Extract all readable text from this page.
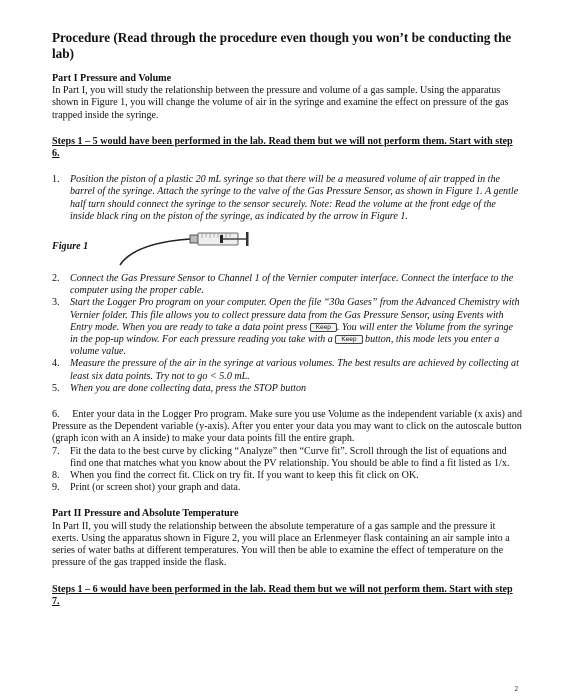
Procedure (Read through the procedure even though you won’t be conducting the lab)

Part I Pressure and Volume

In Part I, you will study the relationship between the pressure and volume of a gas sample. Using the apparatus shown in Figure 1, you will change the volume of air in the syringe and examine the effect on pressure of the gas trapped inside the syringe.

Steps 1 – 5 would have been performed in the lab. Read them but we will not perform them. Start with step 6.

1.	Position the piston of a plastic 20 mL syringe so that there will be a measured volume of air trapped in the barrel of the syringe. Attach the syringe to the valve of the Gas Pressure Sensor, as shown in Figure 1. A gentle half turn should connect the syringe to the sensor securely. Note: Read the volume at the front edge of the inside black ring on the piston of the syringe, as indicated by the arrow in Figure 1.
Figure 1
2.	Connect the Gas Pressure Sensor to Channel 1 of the Vernier computer interface. Connect the interface to the computer using the proper cable.
3.	Start the Logger Pro program on your computer. Open the file “30a Gases” from the Advanced Chemistry with Vernier folder. This file allows you to collect pressure data from the Gas Pressure Sensor, using Events with Entry mode. When you are ready to take a data point press Keep . You will enter the Volume from the syringe in the pop-up window. For each pressure reading you take with a Keep button, this mode lets you enter a volume value.
4.	Measure the pressure of the air in the syringe at various volumes. The best results are achieved by collecting at least six data points. Try not to go < 5.0 mL.
5.	When you are done collecting data, press the STOP button
6. Enter your data in the Logger Pro program. Make sure you use Volume as the independent variable (x axis) and Pressure as the Dependent variable (y-axis). After you enter your data you may want to click on the autoscale button (graph icon with an A inside) to make your data points fill the entire graph.
7.	Fit the data to the best curve by clicking “Analyze” then “Curve fit”. Scroll through the list of equations and find one that matches what you know about the PV relationship. You should be able to find a fit listed as 1/x.
8.	When you find the correct fit. Click on try fit. If you want to keep this fit click on OK.
9.	Print (or screen shot) your graph and data.

Part II Pressure and Absolute Temperature

In Part II, you will study the relationship between the absolute temperature of a gas sample and the pressure it exerts. Using the apparatus shown in Figure 2, you will place an Erlenmeyer flask containing an air sample into a series of water baths at different temperatures. You will then be able to examine the effect of temperature on the pressure of the gas trapped inside the flask.

Steps 1 – 6 would have been performed in the lab. Read them but we will not perform them. Start with step 7.

2
